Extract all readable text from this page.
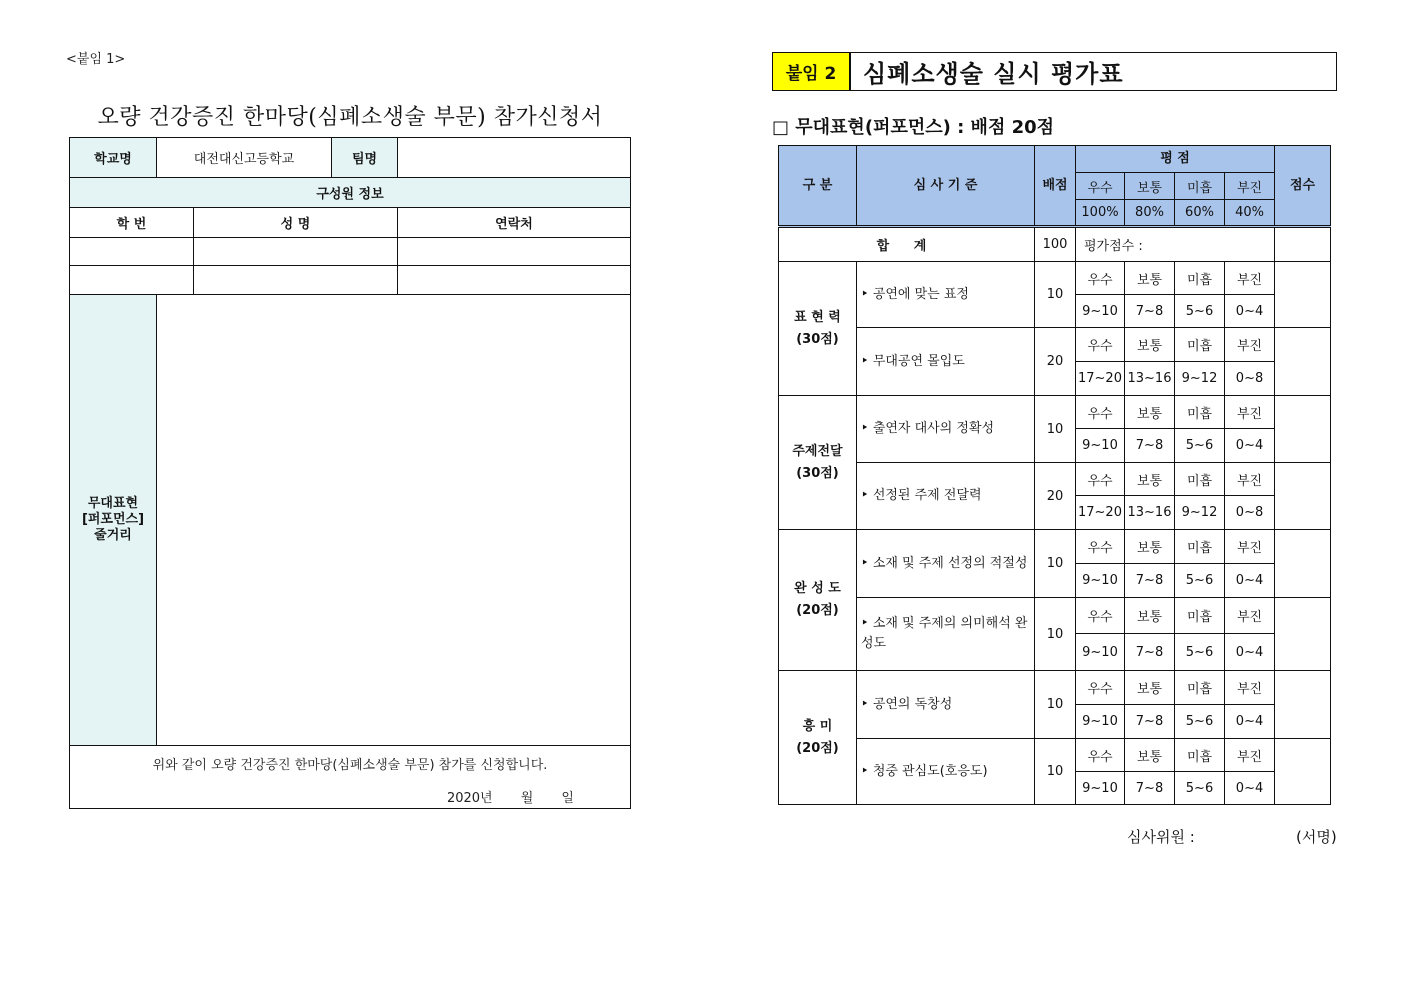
<붙임 1>
오량 건강증진 한마당(심폐소생술 부문) 참가신청서
학교명	대전대신고등학교		팀명	
구성원 정보				
학 번		성 명		연락처

무대표현
[퍼포먼스]
줄거리				

위와 같이 오량 건강증진 한마당(심폐소생술 부문) 참가를 신청합니다.
2020년 월 일				
붙임 2	심폐소생술 실시 평가표
□ 무대표현(퍼포먼스) : 배점 20점
구 분	심 사 기 준	배점	평 점				점수
			우수	보통	미흡	부진	
			100%	80%	60%	40%	
합 계		100	평가점수 :				

표 현 력
(30점)	‣ 공연에 맞는 표정	10	우수	보통	미흡	부진	
			9~10	7~8	5~6	0~4	
	‣ 무대공연 몰입도	20	우수	보통	미흡	부진	
			17~20	13~16	9~12	0~8	

주제전달
(30점)	‣ 출연자 대사의 정확성	10	우수	보통	미흡	부진	
			9~10	7~8	5~6	0~4	
	‣ 선정된 주제 전달력	20	우수	보통	미흡	부진	
			17~20	13~16	9~12	0~8	

완 성 도
(20점)	‣ 소재 및 주제 선정의 적절성	10	우수	보통	미흡	부진	
			9~10	7~8	5~6	0~4	
	‣ 소재 및 주제의 의미해석 완성도	10	우수	보통	미흡	부진	
			9~10	7~8	5~6	0~4	

흥 미
(20점)	‣ 공연의 독창성	10	우수	보통	미흡	부진	
			9~10	7~8	5~6	0~4	
	‣ 청중 관심도(호응도)	10	우수	보통	미흡	부진	
			9~10	7~8	5~6	0~4	
심사위원 :	(서명)
